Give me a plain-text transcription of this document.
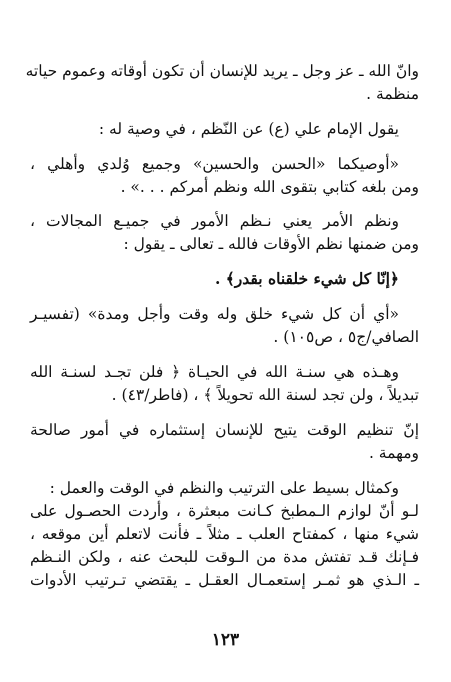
وانّ الله ـ عز وجل ـ يريد للإنسان أن تكون أوقاته وعموم حياته
منظمة .
يقول الإمام علي (ع) عن النّظم ، في وصية له :
«أوصيكما «الحسن والحسين» وجميع وُلدي وأهلي ،
ومن بلغه كتابي بتقوى الله ونظم أمركم . . .» .
ونظم الأمر يعني نـظم الأمور في جميـع المجالات ،
ومن ضمنها نظم الأوقات فالله ـ تعالى ـ يقول :
﴿إنّا كل شيء خلقناه بقدر﴾ .
«أي أن كل شيء خلق وله وقت وأجل ومدة» (تفسيـر
الصافي/ج٥ ، ص١٠٥) .
وهـذه هي سنـة الله في الحيـاة ﴿ فلن تجـد لسنـة الله
تبديلاً ، ولن تجد لسنة الله تحويلاً ﴾ ، (فاطر/٤٣) .
إنّ تنظيم الوقت يتيح للإنسان إستثماره في أمور صالحة
ومهمة .
وكمثال بسيط على الترتيب والنظم في الوقت والعمل :
لـو أنّ لوازم الـمطبخ كـانت مبعثرة ، وأردت الحصـول على
شيء منها ، كمفتاح العلب ـ مثلاً ـ فأنت لاتعلم أين موقعه ،
فـإنك قـد تفتش مدة من الـوقت للبحث عنه ، ولكن النـظم
ـ الـذي هو ثمـر إستعمـال العقـل ـ يقتضي تـرتيب الأدوات
١٢٣
